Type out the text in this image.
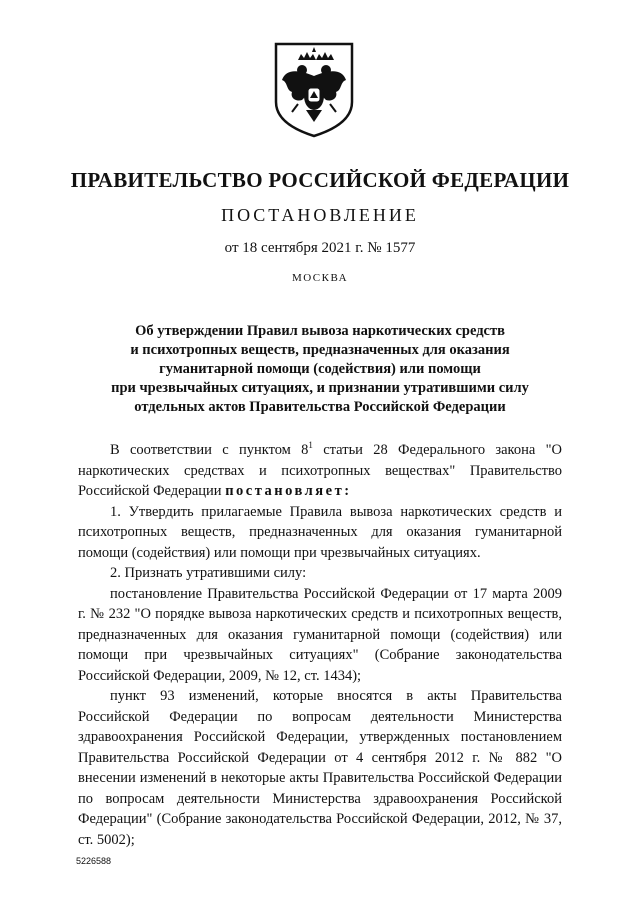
ПРАВИТЕЛЬСТВО РОССИЙСКОЙ ФЕДЕРАЦИИ
ПОСТАНОВЛЕНИЕ
от 18 сентября 2021 г. № 1577
МОСКВА
Об утверждении Правил вывоза наркотических средств
и психотропных веществ, предназначенных для оказания
гуманитарной помощи (содействия) или помощи
при чрезвычайных ситуациях, и признании утратившими силу
отдельных актов Правительства Российской Федерации

В соответствии с пунктом $8^1$ статьи 28 Федерального закона "О наркотических средствах и психотропных веществах" Правительство Российской Федерации постановляет:

1. Утвердить прилагаемые Правила вывоза наркотических средств и психотропных веществ, предназначенных для оказания гуманитарной помощи (содействия) или помощи при чрезвычайных ситуациях.

2. Признать утратившими силу:

постановление Правительства Российской Федерации от 17 марта 2009 г. № 232 "О порядке вывоза наркотических средств и психотропных веществ, предназначенных для оказания гуманитарной помощи (содействия) или помощи при чрезвычайных ситуациях" (Собрание законодательства Российской Федерации, 2009, № 12, ст. 1434);

пункт 93 изменений, которые вносятся в акты Правительства Российской Федерации по вопросам деятельности Министерства здравоохранения Российской Федерации, утвержденных постановлением Правительства Российской Федерации от 4 сентября 2012 г. № 882 "О внесении изменений в некоторые акты Правительства Российской Федерации по вопросам деятельности Министерства здравоохранения Российской Федерации" (Собрание законодательства Российской Федерации, 2012, № 37, ст. 5002);

5226588
